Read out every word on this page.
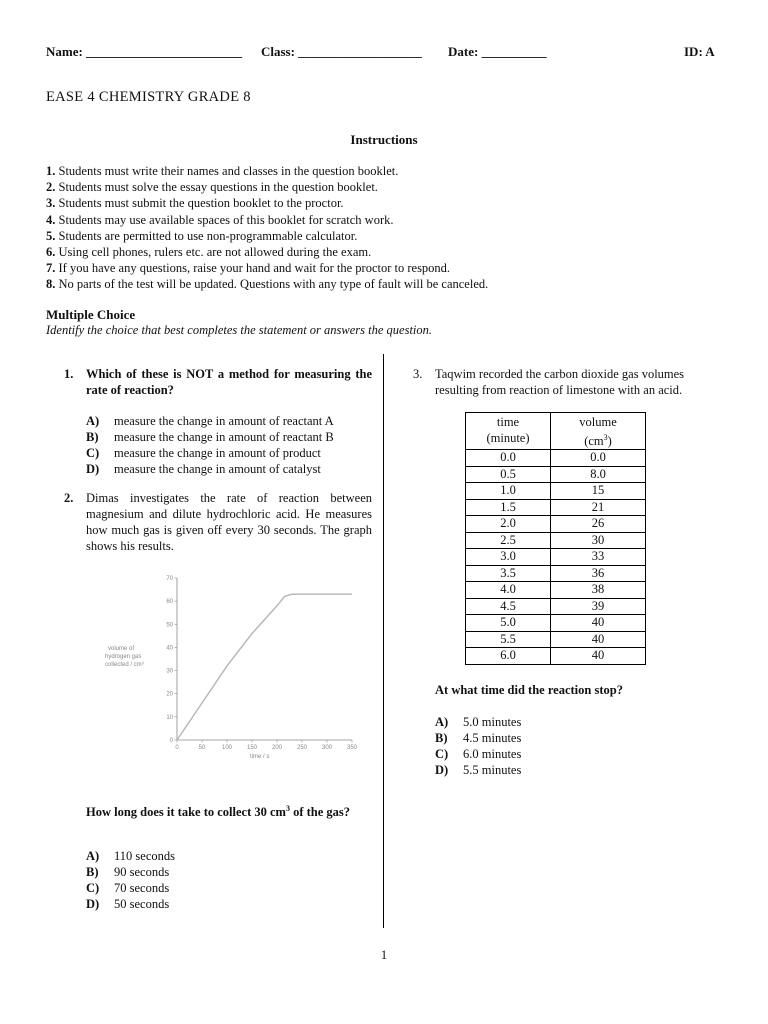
Name: ________________________ Class: ___________________ Date: __________	ID: A
EASE 4 CHEMISTRY GRADE 8
Instructions
1. Students must write their names and classes in the question booklet.
2. Students must solve the essay questions in the question booklet.
3. Students must submit the question booklet to the proctor.
4. Students may use available spaces of this booklet for scratch work.
5. Students are permitted to use non-programmable calculator.
6. Using cell phones, rulers etc. are not allowed during the exam.
7. If you have any questions, raise your hand and wait for the proctor to respond.
8. No parts of the test will be updated. Questions with any type of fault will be canceled.
Multiple Choice
Identify the choice that best completes the statement or answers the question.
1. Which of these is NOT a method for measuring the rate of reaction?
A) measure the change in amount of reactant A
B) measure the change in amount of reactant B
C) measure the change in amount of product
D) measure the change in amount of catalyst
2. Dimas investigates the rate of reaction between magnesium and dilute hydrochloric acid. He measures how much gas is given off every 30 seconds. The graph shows his results.
How long does it take to collect 30 $cm^3$ of the gas?
A) 110 seconds
B) 90 seconds
C) 70 seconds
D) 50 seconds
0	50	100 150 200 250 300 350
0
10
20
30
40
50
60
70
volume of
hydrogen gas
collected / cm³
time / s
3. Taqwim recorded the carbon dioxide gas volumes resulting from reaction of limestone with an acid.
time
(minute)	volume
$(cm^3)$
0.0	0.0
0.5	8.0
1.0	15
1.5	21
2.0	26
2.5	30
3.0	33
3.5	36
4.0	38
4.5	39
5.0	40
5.5	40
6.0	40
At what time did the reaction stop?
A) 5.0 minutes
B) 4.5 minutes
C) 6.0 minutes
D) 5.5 minutes
1
